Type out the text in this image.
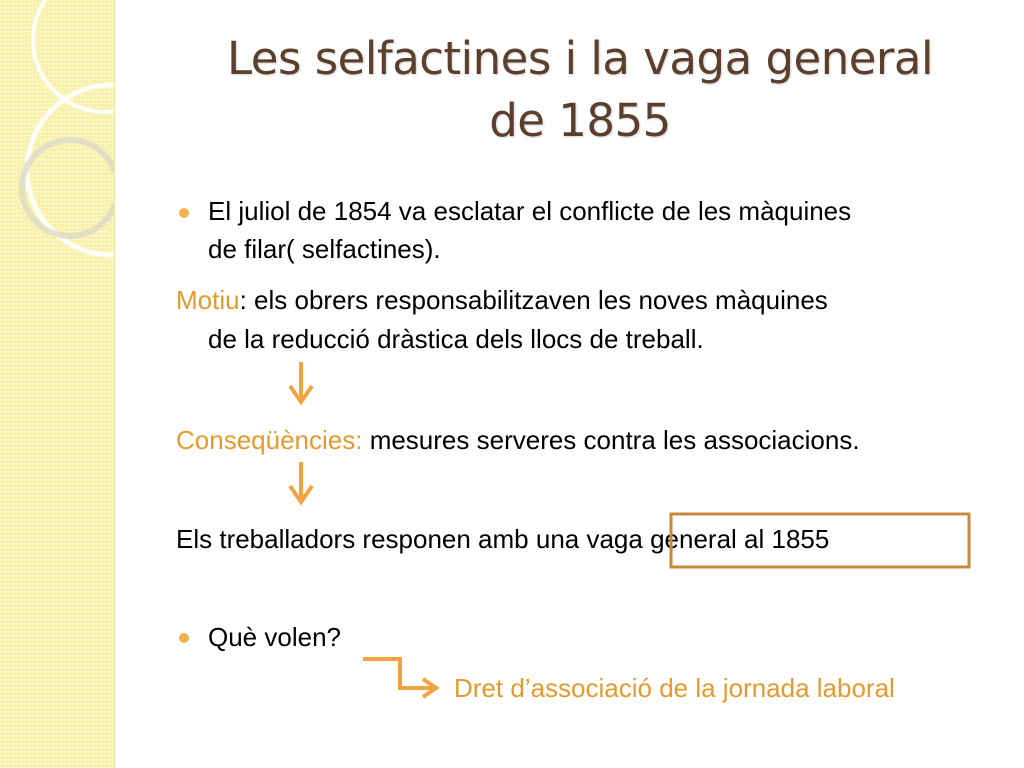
Les selfactines i la vaga general
de 1855
El juliol de 1854 va esclatar el conflicte de les màquines
de filar( selfactines).
Motiu: els obrers responsabilitzaven les noves màquines
de la reducció dràstica dels llocs de treball.
Conseqüències: mesures serveres contra les associacions.
Els treballadors responen amb una vaga general al 1855
Què volen?
Dret d’associació de la jornada laboral
